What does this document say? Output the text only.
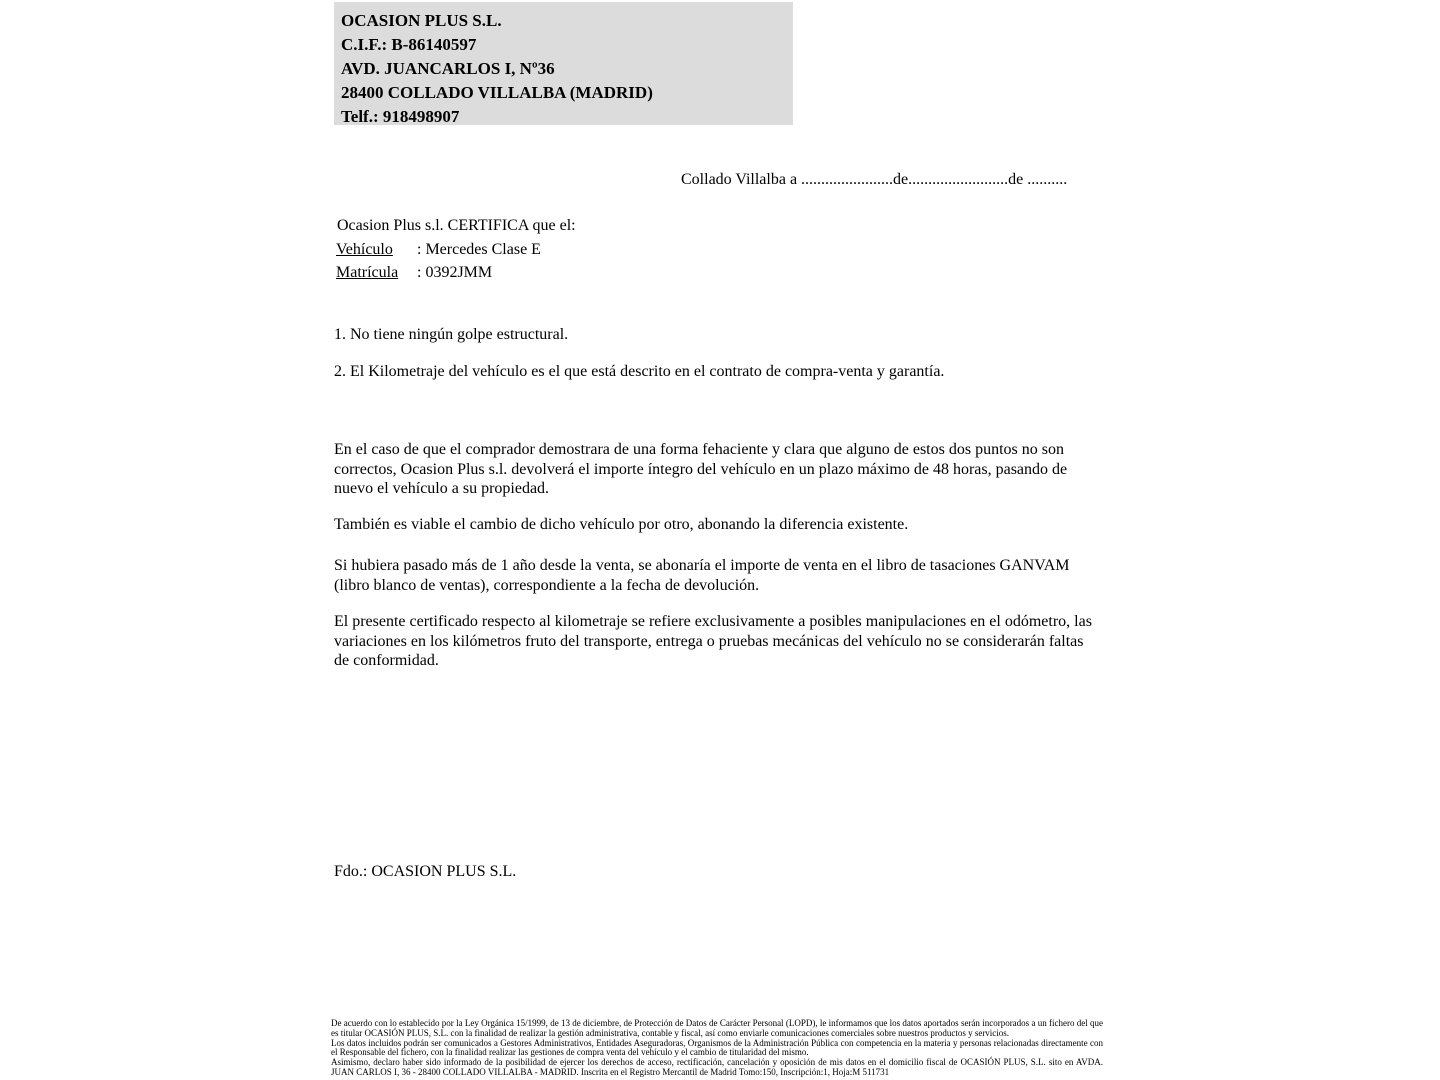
OCASION PLUS S.L.
C.I.F.: B-86140597
AVD. JUANCARLOS I, Nº36
28400 COLLADO VILLALBA (MADRID)
Telf.: 918498907
Collado Villalba a .......................de.........................de ..........
Ocasion Plus s.l. CERTIFICA que el:
Vehículo : Mercedes Clase E
Matrícula : 0392JMM
1. No tiene ningún golpe estructural.
2. El Kilometraje del vehículo es el que está descrito en el contrato de compra-venta y garantía.
En el caso de que el comprador demostrara de una forma fehaciente y clara que alguno de estos dos puntos no son correctos, Ocasion Plus s.l. devolverá el importe íntegro del vehículo en un plazo máximo de 48 horas, pasando de nuevo el vehículo a su propiedad.
También es viable el cambio de dicho vehículo por otro, abonando la diferencia existente.
Si hubiera pasado más de 1 año desde la venta, se abonaría el importe de venta en el libro de tasaciones GANVAM (libro blanco de ventas), correspondiente a la fecha de devolución.
El presente certificado respecto al kilometraje se refiere exclusivamente a posibles manipulaciones en el odómetro, las variaciones en los kilómetros fruto del transporte, entrega o pruebas mecánicas del vehículo no se considerarán faltas de conformidad.
Fdo.: OCASION PLUS S.L.
De acuerdo con lo establecido por la Ley Orgánica 15/1999, de 13 de diciembre, de Protección de Datos de Carácter Personal (LOPD), le informamos que los datos aportados serán incorporados a un fichero del que es titular OCASIÓN PLUS, S.L. con la finalidad de realizar la gestión administrativa, contable y fiscal, así como enviarle comunicaciones comerciales sobre nuestros productos y servicios.
Los datos incluidos podrán ser comunicados a Gestores Administrativos, Entidades Aseguradoras, Organismos de la Administración Pública con competencia en la materia y personas relacionadas directamente con el Responsable del fichero, con la finalidad realizar las gestiones de compra venta del vehículo y el cambio de titularidad del mismo.
Asimismo, declaro haber sido informado de la posibilidad de ejercer los derechos de acceso, rectificación, cancelación y oposición de mis datos en el domicilio fiscal de OCASIÓN PLUS, S.L. sito en AVDA. JUAN CARLOS I, 36 - 28400 COLLADO VILLALBA - MADRID. Inscrita en el Registro Mercantil de Madrid Tomo:150, Inscripción:1, Hoja:M 511731
